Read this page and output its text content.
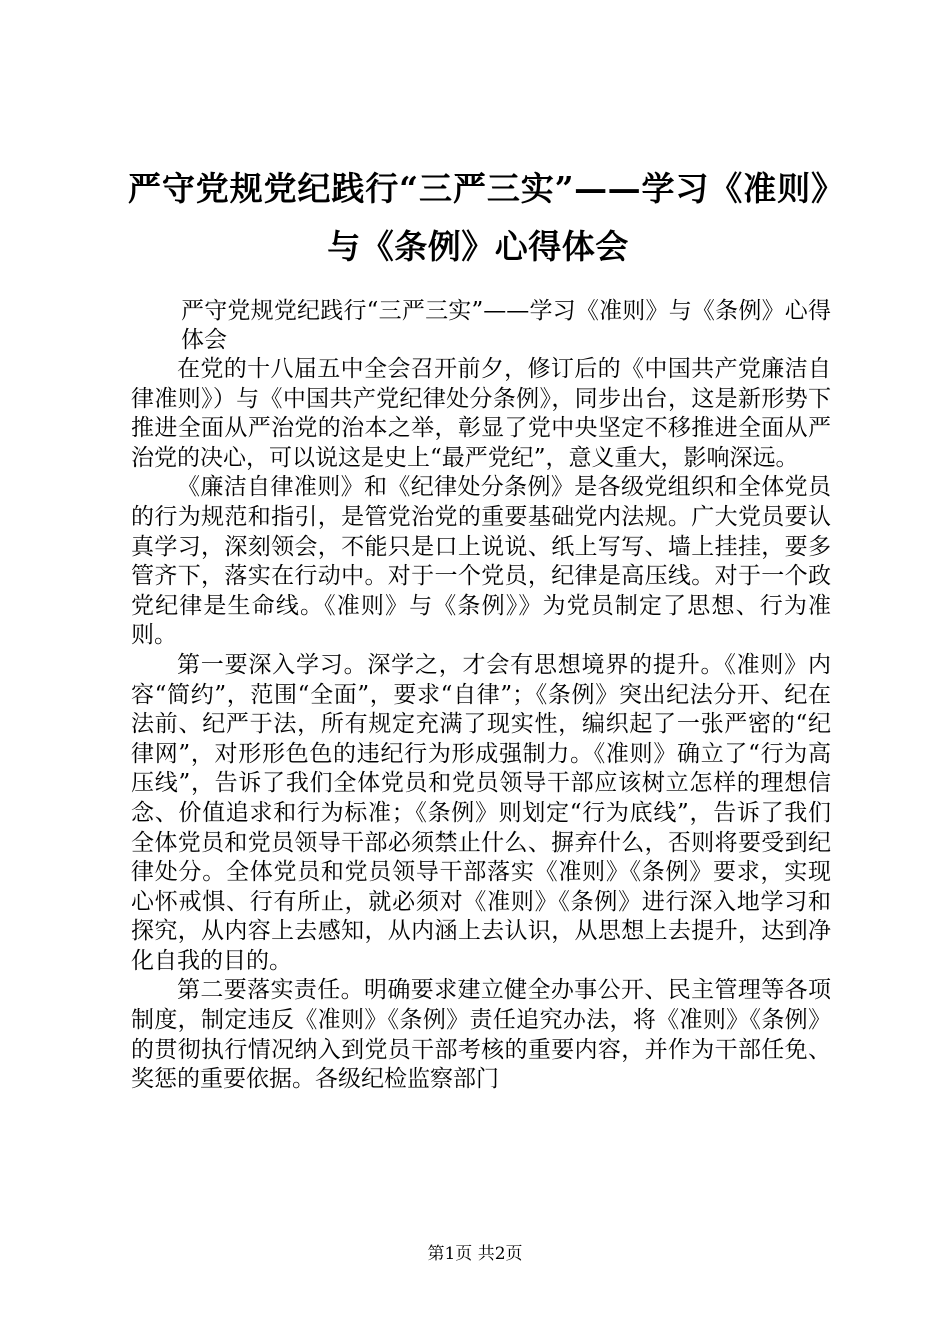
严守党规党纪践行“三严三实”——学习《准则》与《条例》心得体会

严守党规党纪践行“三严三实”——学习《准则》与《条例》心得体会

在党的十八届五中全会召开前夕，修订后的《中国共产党廉洁自律准则》）与《中国共产党纪律处分条例》，同步出台，这是新形势下推进全面从严治党的治本之举，彰显了党中央坚定不移推进全面从严治党的决心，可以说这是史上“最严党纪”，意义重大，影响深远。

《廉洁自律准则》和《纪律处分条例》是各级党组织和全体党员的行为规范和指引，是管党治党的重要基础党内法规。广大党员要认真学习，深刻领会，不能只是口上说说、纸上写写、墙上挂挂，要多管齐下，落实在行动中。对于一个党员，纪律是高压线。对于一个政党纪律是生命线。《准则》与《条例》》为党员制定了思想、行为准则。

第一要深入学习。深学之，才会有思想境界的提升。《准则》内容“简约”，范围“全面”，要求“自律”；《条例》突出纪法分开、纪在法前、纪严于法，所有规定充满了现实性，编织起了一张严密的“纪律网”，对形形色色的违纪行为形成强制力。《准则》确立了“行为高压线”，告诉了我们全体党员和党员领导干部应该树立怎样的理想信念、价值追求和行为标准；《条例》则划定“行为底线”，告诉了我们全体党员和党员领导干部必须禁止什么、摒弃什么，否则将要受到纪律处分。全体党员和党员领导干部落实《准则》《条例》要求，实现心怀戒惧、行有所止，就必须对《准则》《条例》进行深入地学习和探究，从内容上去感知，从内涵上去认识，从思想上去提升，达到净化自我的目的。

第二要落实责任。明确要求建立健全办事公开、民主管理等各项制度，制定违反《准则》《条例》责任追究办法，将《准则》《条例》的贯彻执行情况纳入到党员干部考核的重要内容，并作为干部任免、奖惩的重要依据。各级纪检监察部门

第1页 共2页
